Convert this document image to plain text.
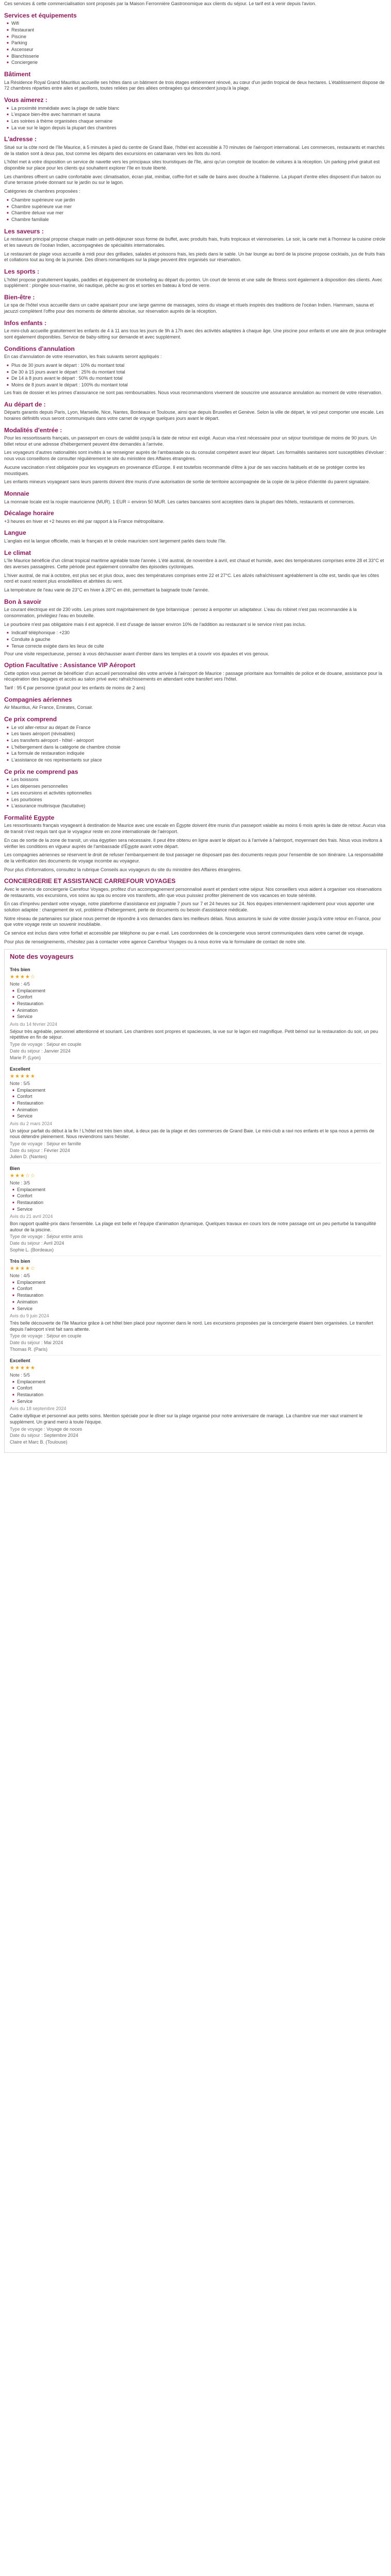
Ces services & cette commercialisation sont proposés par la Maison Ferronnière Gastronomique aux clients du séjour. Le tarif est à venir depuis l'avion.

Services et équipements
■ Wifi
■ Restaurant
■ Piscine
■ Parking
■ Ascenseur
■ Blanchisserie
■ Conciergerie
Bâtiment

La Résidence Royal Grand Mauritius accueille ses hôtes dans un bâtiment de trois étages entièrement rénové, au cœur d'un jardin tropical de deux hectares. L'établissement dispose de 72 chambres réparties entre ailes et pavillons, toutes reliées par des allées ombragées qui descendent jusqu'à la plage.

Vous aimerez :
■ La proximité immédiate avec la plage de sable blanc
■ L'espace bien-être avec hammam et sauna
■ Les soirées à thème organisées chaque semaine
■ La vue sur le lagon depuis la plupart des chambres
L'adresse :

Situé sur la côte nord de l'île Maurice, à 5 minutes à pied du centre de Grand Baie, l'hôtel est accessible à 70 minutes de l'aéroport international. Les commerces, restaurants et marchés de la station sont à deux pas, tout comme les départs des excursions en catamaran vers les îlots du nord.

L'hôtel met à votre disposition un service de navette vers les principaux sites touristiques de l'île, ainsi qu'un comptoir de location de voitures à la réception. Un parking privé gratuit est disponible sur place pour les clients qui souhaitent explorer l'île en toute liberté.

Les chambres offrent un cadre confortable avec climatisation, écran plat, minibar, coffre-fort et salle de bains avec douche à l'italienne. La plupart d'entre elles disposent d'un balcon ou d'une terrasse privée donnant sur le jardin ou sur le lagon.

Catégories de chambres proposées :

■ Chambre supérieure vue jardin
■ Chambre supérieure vue mer
■ Chambre deluxe vue mer
■ Chambre familiale
Les saveurs :

Le restaurant principal propose chaque matin un petit-déjeuner sous forme de buffet, avec produits frais, fruits tropicaux et viennoiseries. Le soir, la carte met à l'honneur la cuisine créole et les saveurs de l'océan Indien, accompagnées de spécialités internationales.

Le restaurant de plage vous accueille à midi pour des grillades, salades et poissons frais, les pieds dans le sable. Un bar lounge au bord de la piscine propose cocktails, jus de fruits frais et collations tout au long de la journée. Des dîners romantiques sur la plage peuvent être organisés sur réservation.

Les sports :

L'hôtel propose gratuitement kayaks, paddles et équipement de snorkeling au départ du ponton. Un court de tennis et une salle de fitness sont également à disposition des clients. Avec supplément : plongée sous-marine, ski nautique, pêche au gros et sorties en bateau à fond de verre.

Bien-être :

Le spa de l'hôtel vous accueille dans un cadre apaisant pour une large gamme de massages, soins du visage et rituels inspirés des traditions de l'océan Indien. Hammam, sauna et jacuzzi complètent l'offre pour des moments de détente absolue, sur réservation auprès de la réception.

Infos enfants :

Le mini-club accueille gratuitement les enfants de 4 à 11 ans tous les jours de 9h à 17h avec des activités adaptées à chaque âge. Une piscine pour enfants et une aire de jeux ombragée sont également disponibles. Service de baby-sitting sur demande et avec supplément.

Conditions d'annulation

En cas d'annulation de votre réservation, les frais suivants seront appliqués :

■ Plus de 30 jours avant le départ : 10% du montant total
■ De 30 à 15 jours avant le départ : 25% du montant total
■ De 14 à 8 jours avant le départ : 50% du montant total
■ Moins de 8 jours avant le départ : 100% du montant total

Les frais de dossier et les primes d'assurance ne sont pas remboursables. Nous vous recommandons vivement de souscrire une assurance annulation au moment de votre réservation.

Au départ de :

Départs garantis depuis Paris, Lyon, Marseille, Nice, Nantes, Bordeaux et Toulouse, ainsi que depuis Bruxelles et Genève. Selon la ville de départ, le vol peut comporter une escale. Les horaires définitifs vous seront communiqués dans votre carnet de voyage quelques jours avant le départ.

Modalités d'entrée :

Pour les ressortissants français, un passeport en cours de validité jusqu'à la date de retour est exigé. Aucun visa n'est nécessaire pour un séjour touristique de moins de 90 jours. Un billet retour et une adresse d'hébergement peuvent être demandés à l'arrivée.

Les voyageurs d'autres nationalités sont invités à se renseigner auprès de l'ambassade ou du consulat compétent avant leur départ. Les formalités sanitaires sont susceptibles d'évoluer : nous vous conseillons de consulter régulièrement le site du ministère des Affaires étrangères.

Aucune vaccination n'est obligatoire pour les voyageurs en provenance d'Europe. Il est toutefois recommandé d'être à jour de ses vaccins habituels et de se protéger contre les moustiques.

Les enfants mineurs voyageant sans leurs parents doivent être munis d'une autorisation de sortie de territoire accompagnée de la copie de la pièce d'identité du parent signataire.

Monnaie

La monnaie locale est la roupie mauricienne (MUR). 1 EUR = environ 50 MUR. Les cartes bancaires sont acceptées dans la plupart des hôtels, restaurants et commerces.

Décalage horaire

+3 heures en hiver et +2 heures en été par rapport à la France métropolitaine.

Langue

L'anglais est la langue officielle, mais le français et le créole mauricien sont largement parlés dans toute l'île.

Le climat

L'île Maurice bénéficie d'un climat tropical maritime agréable toute l'année. L'été austral, de novembre à avril, est chaud et humide, avec des températures comprises entre 28 et 33°C et des averses passagères. Cette période peut également connaître des épisodes cycloniques.

L'hiver austral, de mai à octobre, est plus sec et plus doux, avec des températures comprises entre 22 et 27°C. Les alizés rafraîchissent agréablement la côte est, tandis que les côtes nord et ouest restent plus ensoleillées et abritées du vent.

La température de l'eau varie de 23°C en hiver à 28°C en été, permettant la baignade toute l'année.

Bon à savoir

Le courant électrique est de 230 volts. Les prises sont majoritairement de type britannique : pensez à emporter un adaptateur. L'eau du robinet n'est pas recommandée à la consommation, privilégiez l'eau en bouteille.

Le pourboire n'est pas obligatoire mais il est apprécié. Il est d'usage de laisser environ 10% de l'addition au restaurant si le service n'est pas inclus.

■ Indicatif téléphonique : +230
■ Conduite à gauche
■ Tenue correcte exigée dans les lieux de culte

Pour une visite respectueuse, pensez à vous déchausser avant d'entrer dans les temples et à couvrir vos épaules et vos genoux.

Option Facultative : Assistance VIP Aéroport

Cette option vous permet de bénéficier d'un accueil personnalisé dès votre arrivée à l'aéroport de Maurice : passage prioritaire aux formalités de police et de douane, assistance pour la récupération des bagages et accès au salon privé avec rafraîchissements en attendant votre transfert vers l'hôtel.

Tarif : 95 € par personne (gratuit pour les enfants de moins de 2 ans)

Compagnies aériennes

Air Mauritius, Air France, Emirates, Corsair.

Ce prix comprend
■ Le vol aller-retour au départ de France
■ Les taxes aéroport (révisables)
■ Les transferts aéroport - hôtel - aéroport
■ L'hébergement dans la catégorie de chambre choisie
■ La formule de restauration indiquée
■ L'assistance de nos représentants sur place
Ce prix ne comprend pas
■ Les boissons
■ Les dépenses personnelles
■ Les excursions et activités optionnelles
■ Les pourboires
■ L'assurance multirisque (facultative)
Formalité Egypte

Les ressortissants français voyageant à destination de Maurice avec une escale en Égypte doivent être munis d'un passeport valable au moins 6 mois après la date de retour. Aucun visa de transit n'est requis tant que le voyageur reste en zone internationale de l'aéroport.

En cas de sortie de la zone de transit, un visa égyptien sera nécessaire. Il peut être obtenu en ligne avant le départ ou à l'arrivée à l'aéroport, moyennant des frais. Nous vous invitons à vérifier les conditions en vigueur auprès de l'ambassade d'Égypte avant votre départ.

Les compagnies aériennes se réservent le droit de refuser l'embarquement de tout passager ne disposant pas des documents requis pour l'ensemble de son itinéraire. La responsabilité de la vérification des documents de voyage incombe au voyageur.

Pour plus d'informations, consultez la rubrique Conseils aux voyageurs du site du ministère des Affaires étrangères.

CONCIERGERIE ET ASSISTANCE CARREFOUR VOYAGES

Avec le service de conciergerie Carrefour Voyages, profitez d'un accompagnement personnalisé avant et pendant votre séjour. Nos conseillers vous aident à organiser vos réservations de restaurants, vos excursions, vos soins au spa ou encore vos transferts, afin que vous puissiez profiter pleinement de vos vacances en toute sérénité.

En cas d'imprévu pendant votre voyage, notre plateforme d'assistance est joignable 7 jours sur 7 et 24 heures sur 24. Nos équipes interviennent rapidement pour vous apporter une solution adaptée : changement de vol, problème d'hébergement, perte de documents ou besoin d'assistance médicale.

Notre réseau de partenaires sur place nous permet de répondre à vos demandes dans les meilleurs délais. Nous assurons le suivi de votre dossier jusqu'à votre retour en France, pour que votre voyage reste un souvenir inoubliable.

Ce service est inclus dans votre forfait et accessible par téléphone ou par e-mail. Les coordonnées de la conciergerie vous seront communiquées dans votre carnet de voyage.

Pour plus de renseignements, n'hésitez pas à contacter votre agence Carrefour Voyages ou à nous écrire via le formulaire de contact de notre site.

Note des voyageurs
Très bien
★★★★☆
Note : 4/5
■ Emplacement
■ Confort
■ Restauration
■ Animation
■ Service
Avis du 14 février 2024
Séjour très agréable, personnel attentionné et souriant. Les chambres sont propres et spacieuses, la vue sur le lagon est magnifique. Petit bémol sur la restauration du soir, un peu répétitive en fin de séjour.
Type de voyage : Séjour en couple
Date du séjour : Janvier 2024
Marie P. (Lyon)
Excellent
★★★★★
Note : 5/5
■ Emplacement
■ Confort
■ Restauration
■ Animation
■ Service
Avis du 2 mars 2024
Un séjour parfait du début à la fin ! L'hôtel est très bien situé, à deux pas de la plage et des commerces de Grand Baie. Le mini-club a ravi nos enfants et le spa nous a permis de nous détendre pleinement. Nous reviendrons sans hésiter.
Type de voyage : Séjour en famille
Date du séjour : Février 2024
Julien D. (Nantes)
Bien
★★★☆☆
Note : 3/5
■ Emplacement
■ Confort
■ Restauration
■ Service
Avis du 21 avril 2024
Bon rapport qualité-prix dans l'ensemble. La plage est belle et l'équipe d'animation dynamique. Quelques travaux en cours lors de notre passage ont un peu perturbé la tranquillité autour de la piscine.
Type de voyage : Séjour entre amis
Date du séjour : Avril 2024
Sophie L. (Bordeaux)
Très bien
★★★★☆
Note : 4/5
■ Emplacement
■ Confort
■ Restauration
■ Animation
■ Service
Avis du 9 juin 2024
Très belle découverte de l'île Maurice grâce à cet hôtel bien placé pour rayonner dans le nord. Les excursions proposées par la conciergerie étaient bien organisées. Le transfert depuis l'aéroport s'est fait sans attente.
Type de voyage : Séjour en couple
Date du séjour : Mai 2024
Thomas R. (Paris)
Excellent
★★★★★
Note : 5/5
■ Emplacement
■ Confort
■ Restauration
■ Service
Avis du 18 septembre 2024
Cadre idyllique et personnel aux petits soins. Mention spéciale pour le dîner sur la plage organisé pour notre anniversaire de mariage. La chambre vue mer vaut vraiment le supplément. Un grand merci à toute l'équipe.
Type de voyage : Voyage de noces
Date du séjour : Septembre 2024
Claire et Marc B. (Toulouse)
